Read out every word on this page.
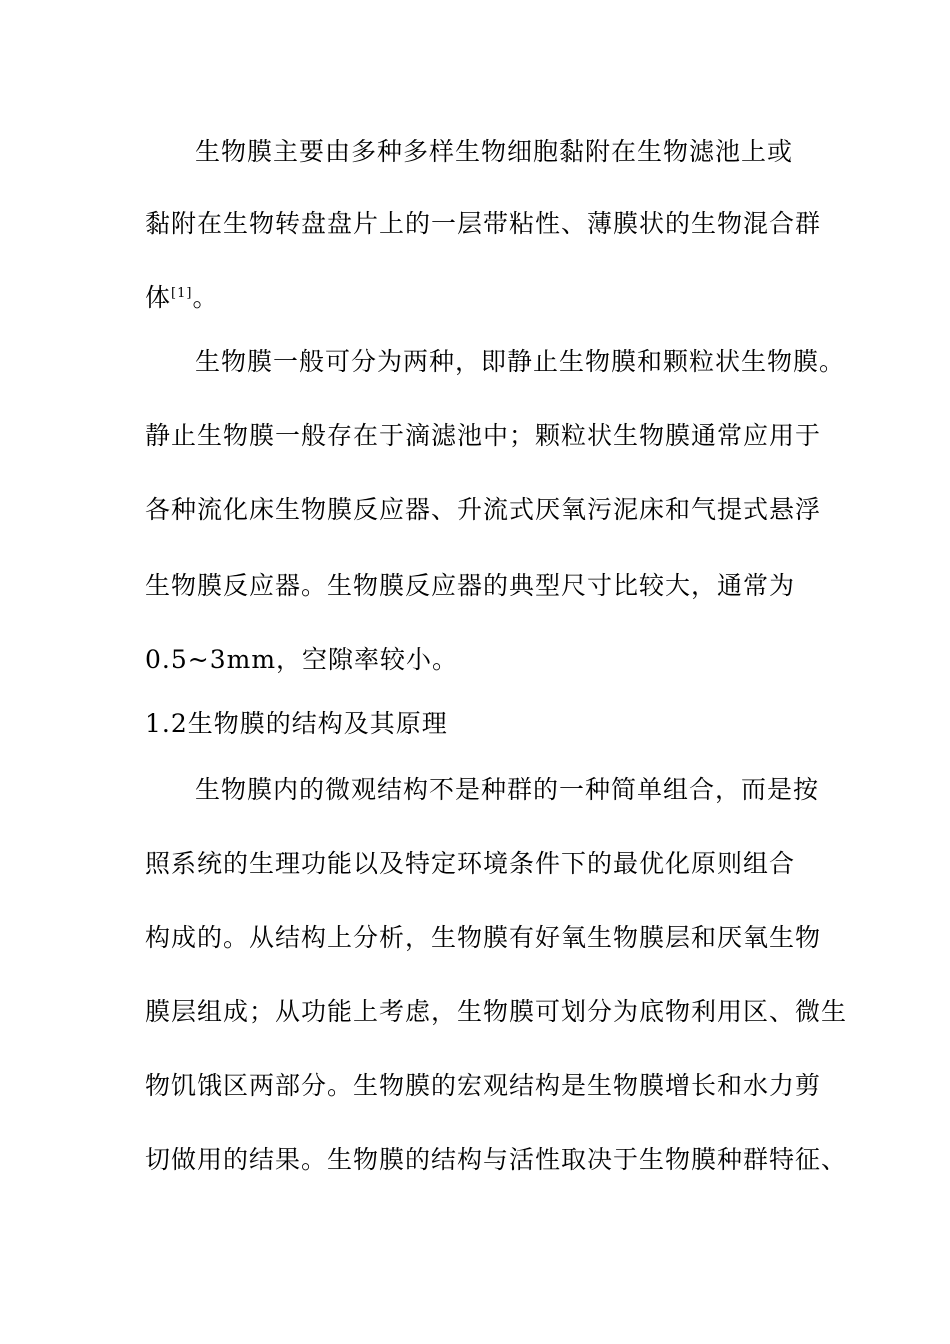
生物膜主要由多种多样生物细胞黏附在生物滤池上或
黏附在生物转盘盘片上的一层带粘性、薄膜状的生物混合群
体[1]。
生物膜一般可分为两种，即静止生物膜和颗粒状生物膜。
静止生物膜一般存在于滴滤池中；颗粒状生物膜通常应用于
各种流化床生物膜反应器、升流式厌氧污泥床和气提式悬浮
生物膜反应器。生物膜反应器的典型尺寸比较大，通常为
0.5~3mm，空隙率较小。
1.2生物膜的结构及其原理
生物膜内的微观结构不是种群的一种简单组合，而是按
照系统的生理功能以及特定环境条件下的最优化原则组合
构成的。从结构上分析，生物膜有好氧生物膜层和厌氧生物
膜层组成；从功能上考虑，生物膜可划分为底物利用区、微生
物饥饿区两部分。生物膜的宏观结构是生物膜增长和水力剪
切做用的结果。生物膜的结构与活性取决于生物膜种群特征、
